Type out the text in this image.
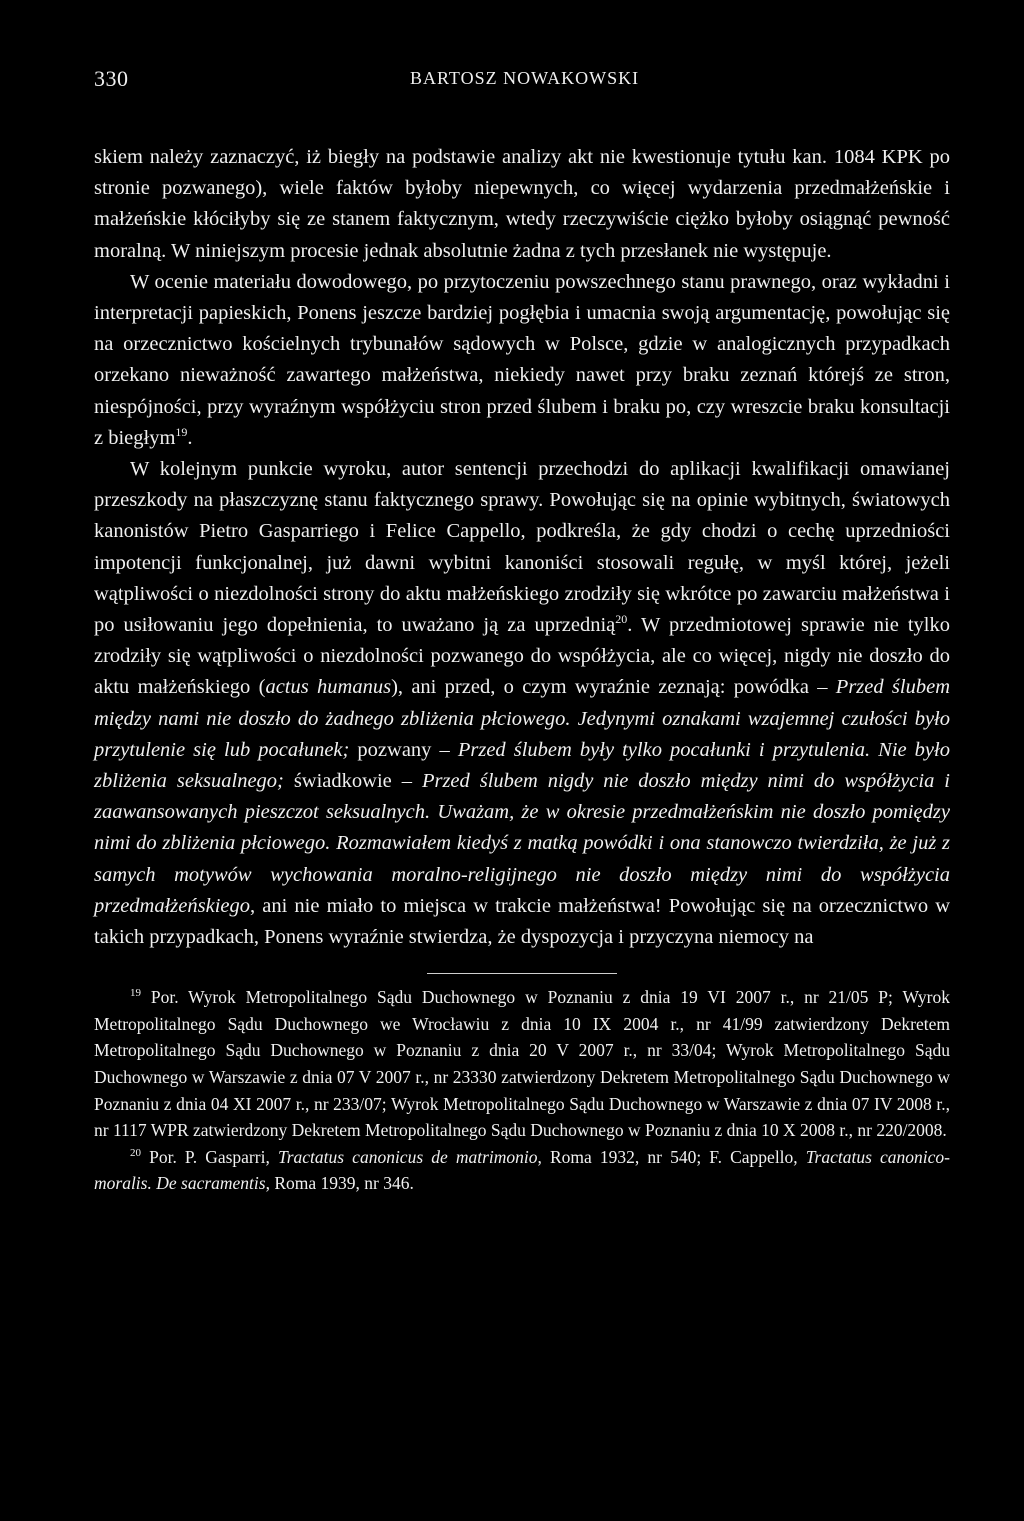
330	BARTOSZ NOWAKOWSKI

skiem należy zaznaczyć, iż biegły na podstawie analizy akt nie kwestionuje tytułu kan. 1084 KPK po stronie pozwanego), wiele faktów byłoby niepewnych, co więcej wydarzenia przedmałżeńskie i małżeńskie kłóciłyby się ze stanem faktycznym, wtedy rzeczywiście ciężko byłoby osiągnąć pewność moralną. W niniejszym procesie jednak absolutnie żadna z tych przesłanek nie występuje.

W ocenie materiału dowodowego, po przytoczeniu powszechnego stanu prawnego, oraz wykładni i interpretacji papieskich, Ponens jeszcze bardziej pogłębia i umacnia swoją argumentację, powołując się na orzecznictwo kościelnych trybunałów sądowych w Polsce, gdzie w analogicznych przypadkach orzekano nieważność zawartego małżeństwa, niekiedy nawet przy braku zeznań którejś ze stron, niespójności, przy wyraźnym współżyciu stron przed ślubem i braku po, czy wreszcie braku konsultacji z biegłym$^{19}$.

W kolejnym punkcie wyroku, autor sentencji przechodzi do aplikacji kwalifikacji omawianej przeszkody na płaszczyznę stanu faktycznego sprawy. Powołując się na opinie wybitnych, światowych kanonistów Pietro Gasparriego i Felice Cappello, podkreśla, że gdy chodzi o cechę uprzedniości impotencji funkcjonalnej, już dawni wybitni kanoniści stosowali regułę, w myśl której, jeżeli wątpliwości o niezdolności strony do aktu małżeńskiego zrodziły się wkrótce po zawarciu małżeństwa i po usiłowaniu jego dopełnienia, to uważano ją za uprzednią$^{20}$. W przedmiotowej sprawie nie tylko zrodziły się wątpliwości o niezdolności pozwanego do współżycia, ale co więcej, nigdy nie doszło do aktu małżeńskiego (actus humanus), ani przed, o czym wyraźnie zeznają: powódka – Przed ślubem między nami nie doszło do żadnego zbliżenia płciowego. Jedynymi oznakami wzajemnej czułości było przytulenie się lub pocałunek; pozwany – Przed ślubem były tylko pocałunki i przytulenia. Nie było zbliżenia seksualnego; świadkowie – Przed ślubem nigdy nie doszło między nimi do współżycia i zaawansowanych pieszczot seksualnych. Uważam, że w okresie przedmałżeńskim nie doszło pomiędzy nimi do zbliżenia płciowego. Rozmawiałem kiedyś z matką powódki i ona stanowczo twierdziła, że już z samych motywów wychowania moralno-religijnego nie doszło między nimi do współżycia przedmałżeńskiego, ani nie miało to miejsca w trakcie małżeństwa! Powołując się na orzecznictwo w takich przypadkach, Ponens wyraźnie stwierdza, że dyspozycja i przyczyna niemocy na

$^{19}$ Por. Wyrok Metropolitalnego Sądu Duchownego w Poznaniu z dnia 19 VI 2007 r., nr 21/05 P; Wyrok Metropolitalnego Sądu Duchownego we Wrocławiu z dnia 10 IX 2004 r., nr 41/99 zatwierdzony Dekretem Metropolitalnego Sądu Duchownego w Poznaniu z dnia 20 V 2007 r., nr 33/04; Wyrok Metropolitalnego Sądu Duchownego w Warszawie z dnia 07 V 2007 r., nr 23330 zatwierdzony Dekretem Metropolitalnego Sądu Duchownego w Poznaniu z dnia 04 XI 2007 r., nr 233/07; Wyrok Metropolitalnego Sądu Duchownego w Warszawie z dnia 07 IV 2008 r., nr 1117 WPR zatwierdzony Dekretem Metropolitalnego Sądu Duchownego w Poznaniu z dnia 10 X 2008 r., nr 220/2008.

$^{20}$ Por. P. Gasparri, Tractatus canonicus de matrimonio, Roma 1932, nr 540; F. Cappello, Tractatus canonico-moralis. De sacramentis, Roma 1939, nr 346.
